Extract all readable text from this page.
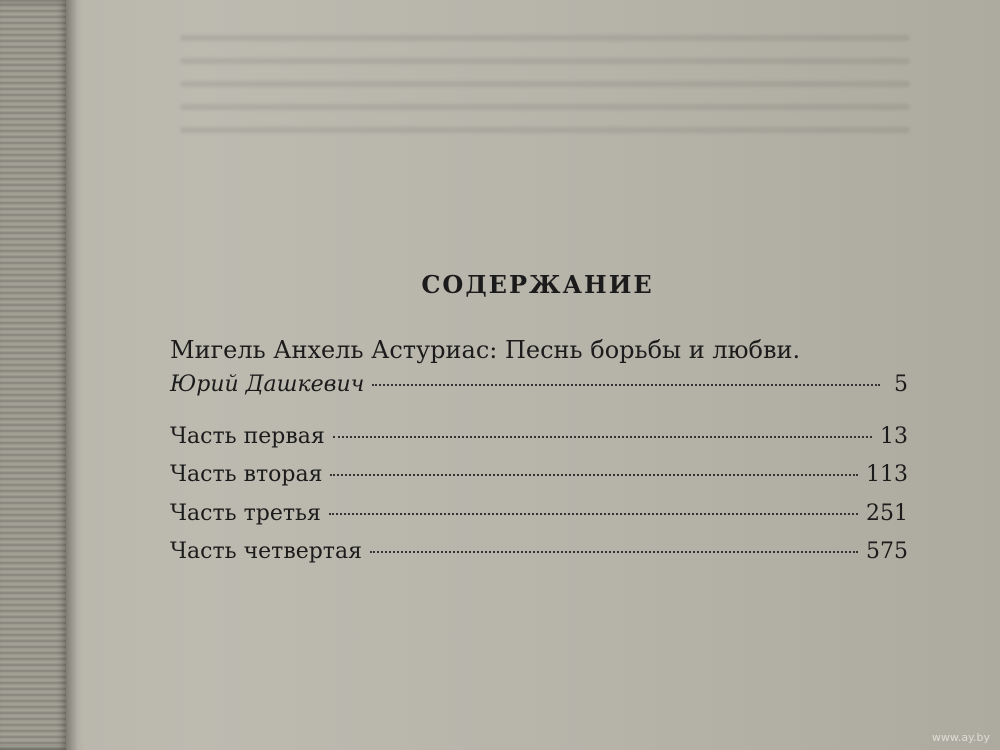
СОДЕРЖАНИЕ
Мигель Анхель Астуриас: Песнь борьбы и любви.
Юрий Дашкевич	5
Часть первая	13
Часть вторая	113
Часть третья	251
Часть четвертая	575
www.ay.by
